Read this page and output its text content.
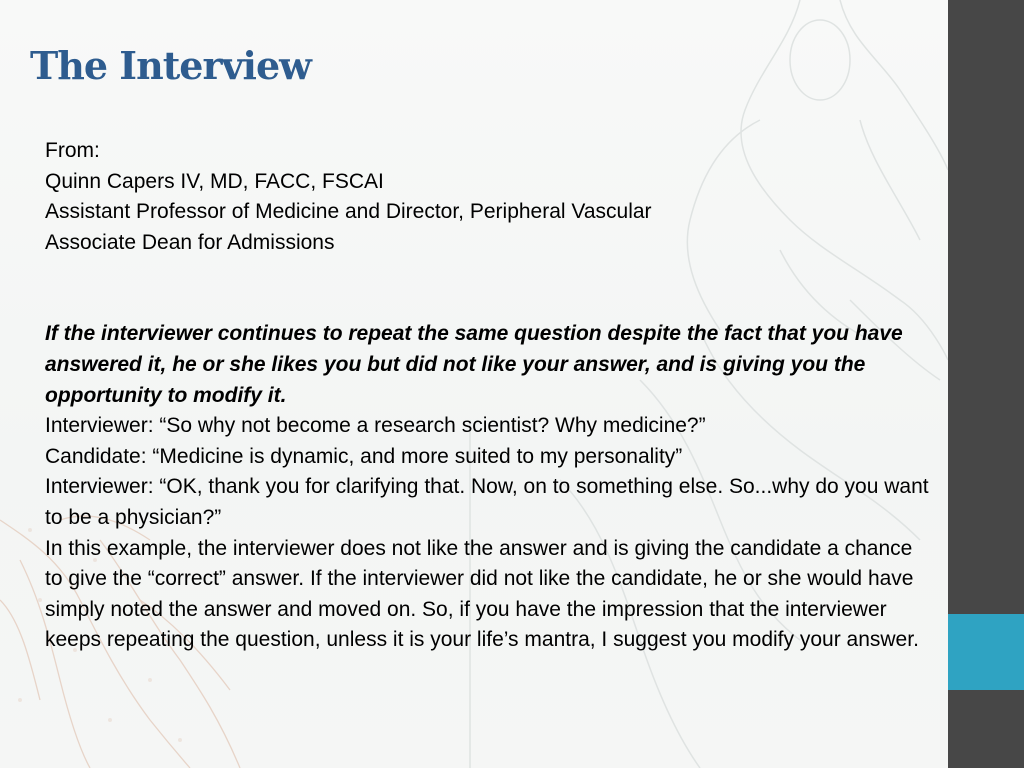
The Interview

From:

Quinn Capers IV, MD, FACC, FSCAI

Assistant Professor of Medicine and Director, Peripheral Vascular

Associate Dean for Admissions

If the interviewer continues to repeat the same question despite the fact that you have answered it, he or she likes you but did not like your answer, and is giving you the opportunity to modify it.

Interviewer: “So why not become a research scientist? Why medicine?”

Candidate: “Medicine is dynamic, and more suited to my personality”

Interviewer: “OK, thank you for clarifying that. Now, on to something else. So...why do you want to be a physician?”

In this example, the interviewer does not like the answer and is giving the candidate a chance to give the “correct” answer. If the interviewer did not like the candidate, he or she would have simply noted the answer and moved on. So, if you have the impression that the interviewer keeps repeating the question, unless it is your life’s mantra, I suggest you modify your answer.
